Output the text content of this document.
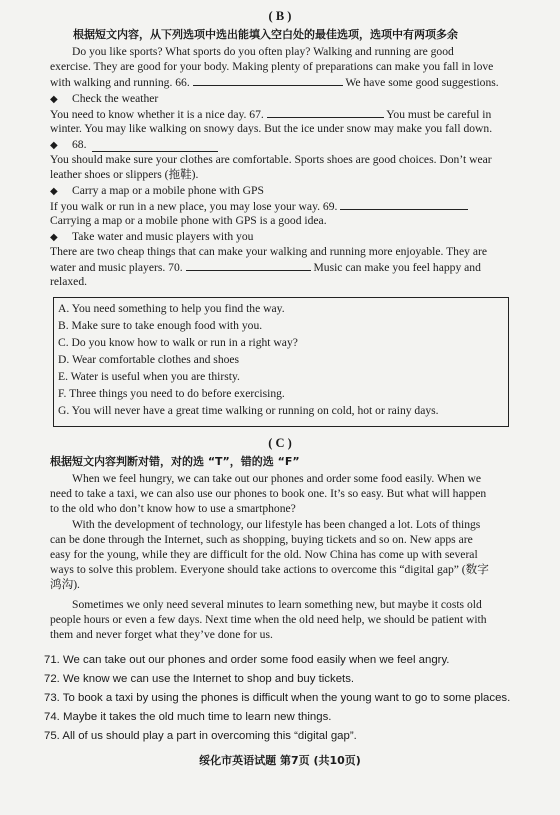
( B )
根据短文内容，从下列选项中选出能填入空白处的最佳选项，选项中有两项多余
Do you like sports? What sports do you often play? Walking and running are good
exercise. They are good for your body. Making plenty of preparations can make you fall in love
with walking and running. 66.	We have some good suggestions.
◆ Check the weather
You need to know whether it is a nice day. 67.	You must be careful in
winter. You may like walking on snowy days. But the ice under snow may make you fall down.
◆ 68.
You should make sure your clothes are comfortable. Sports shoes are good choices. Don’t wear
leather shoes or slippers (拖鞋).
◆ Carry a map or a mobile phone with GPS
If you walk or run in a new place, you may lose your way. 69.
Carrying a map or a mobile phone with GPS is a good idea.
◆ Take water and music players with you
There are two cheap things that can make your walking and running more enjoyable. They are
water and music players. 70.	Music can make you feel happy and
relaxed.
A. You need something to help you find the way.
B. Make sure to take enough food with you.
C. Do you know how to walk or run in a right way?
D. Wear comfortable clothes and shoes
E. Water is useful when you are thirsty.
F. Three things you need to do before exercising.
G. You will never have a great time walking or running on cold, hot or rainy days.
( C )
根据短文内容判断对错，对的选 “T”，错的选 “F”
When we feel hungry, we can take out our phones and order some food easily. When we
need to take a taxi, we can also use our phones to book one. It’s so easy. But what will happen
to the old who don’t know how to use a smartphone?
With the development of technology, our lifestyle has been changed a lot. Lots of things
can be done through the Internet, such as shopping, buying tickets and so on. New apps are
easy for the young, while they are difficult for the old. Now China has come up with several
ways to solve this problem. Everyone should take actions to overcome this “digital gap” (数字
鸿沟).
Sometimes we only need several minutes to learn something new, but maybe it costs old
people hours or even a few days. Next time when the old need help, we should be patient with
them and never forget what they’ve done for us.
71. We can take out our phones and order some food easily when we feel angry.
72. We know we can use the Internet to shop and buy tickets.
73. To book a taxi by using the phones is difficult when the young want to go to some places.
74. Maybe it takes the old much time to learn new things.
75. All of us should play a part in overcoming this “digital gap”.
绥化市英语试题 第7页 (共10页)
